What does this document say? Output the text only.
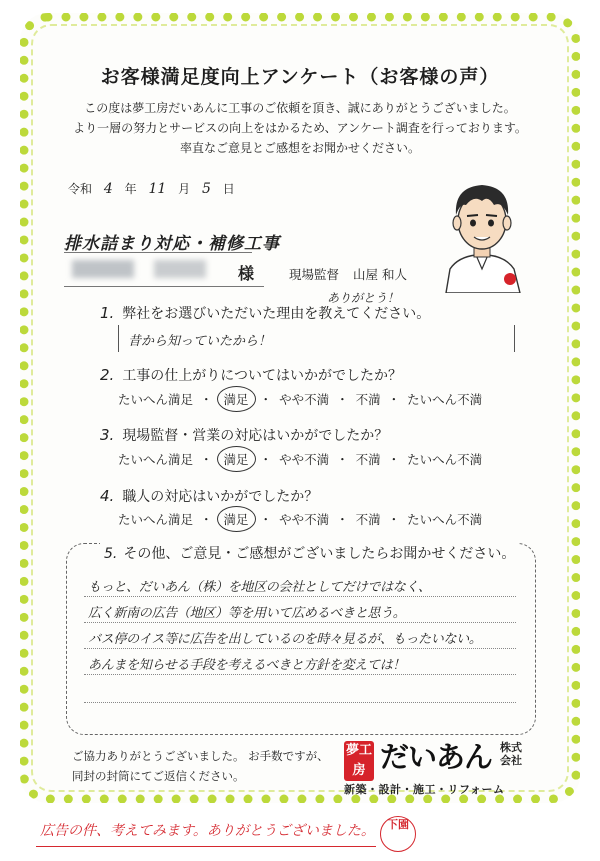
お客様満足度向上アンケート（お客様の声）
この度は夢工房だいあんに工事のご依頼を頂き、誠にありがとうございました。
より一層の努力とサービスの向上をはかるため、アンケート調査を行っております。
率直なご意見とご感想をお聞かせください。
令和 4 年 11 月 5 日
排水詰まり対応・補修工事
様	現場監督 山屋 和人
ありがとう！
1. 弊社をお選びいただいた理由を教えてください。
昔から知っていたから！
2. 工事の仕上がりについてはいかがでしたか？
たいへん満足 ・ 満足 ・ やや不満 ・ 不満 ・ たいへん不満
3. 現場監督・営業の対応はいかがでしたか？
たいへん満足 ・ 満足 ・ やや不満 ・ 不満 ・ たいへん不満
4. 職人の対応はいかがでしたか？
たいへん満足 ・ 満足 ・ やや不満 ・ 不満 ・ たいへん不満
5. その他、ご意見・ご感想がございましたらお聞かせください。
もっと、だいあん（株）を地区の会社としてだけではなく、
広く新南の広告（地区）等を用いて広めるべきと思う。
バス停のイス等に広告を出しているのを時々見るが、もったいない。
あんまを知らせる手段を考えるべきと方針を変えては！
ご協力ありがとうございました。 お手数ですが、
同封の封筒にてご返信ください。
夢工房 だいあん 株式会社
新築・設計・施工・リフォーム
広告の件、考えてみます。ありがとうございました。	下園
